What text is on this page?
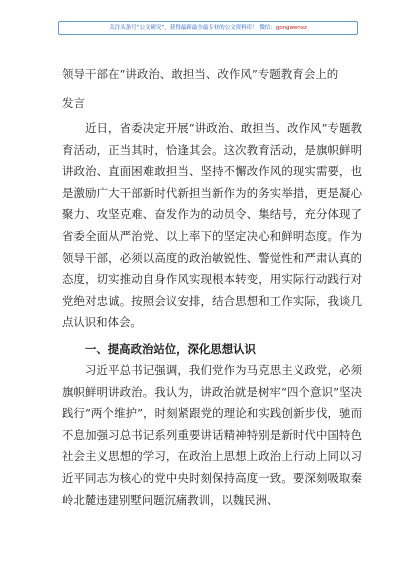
关注头条号“公文研究”，获得最新最全最专业的公文资料库！ 微信：gongwenxz
领导干部在“讲政治、敢担当、改作风”专题教育会上的
发言

近日，省委决定开展“讲政治、敢担当、改作风”专题教育活动，正当其时，恰逢其会。这次教育活动，是旗帜鲜明讲政治、直面困难敢担当、坚持不懈改作风的现实需要，也是激励广大干部新时代新担当新作为的务实举措，更是凝心聚力、攻坚克难、奋发作为的动员令、集结号，充分体现了省委全面从严治党、以上率下的坚定决心和鲜明态度。作为领导干部，必须以高度的政治敏锐性、警觉性和严肃认真的态度，切实推动自身作风实现根本转变，用实际行动践行对党绝对忠诚。按照会议安排，结合思想和工作实际，我谈几点认识和体会。

一、提高政治站位，深化思想认识

习近平总书记强调，我们党作为马克思主义政党，必须旗帜鲜明讲政治。我认为，讲政治就是树牢“四个意识”坚决践行“两个维护”，时刻紧跟党的理论和实践创新步伐，驰而不息加强习总书记系列重要讲话精神特别是新时代中国特色社会主义思想的学习，在政治上思想上政治上行动上同以习近平同志为核心的党中央时刻保持高度一致。要深刻吸取秦岭北麓违建别墅问题沉痛教训，以魏民洲、
